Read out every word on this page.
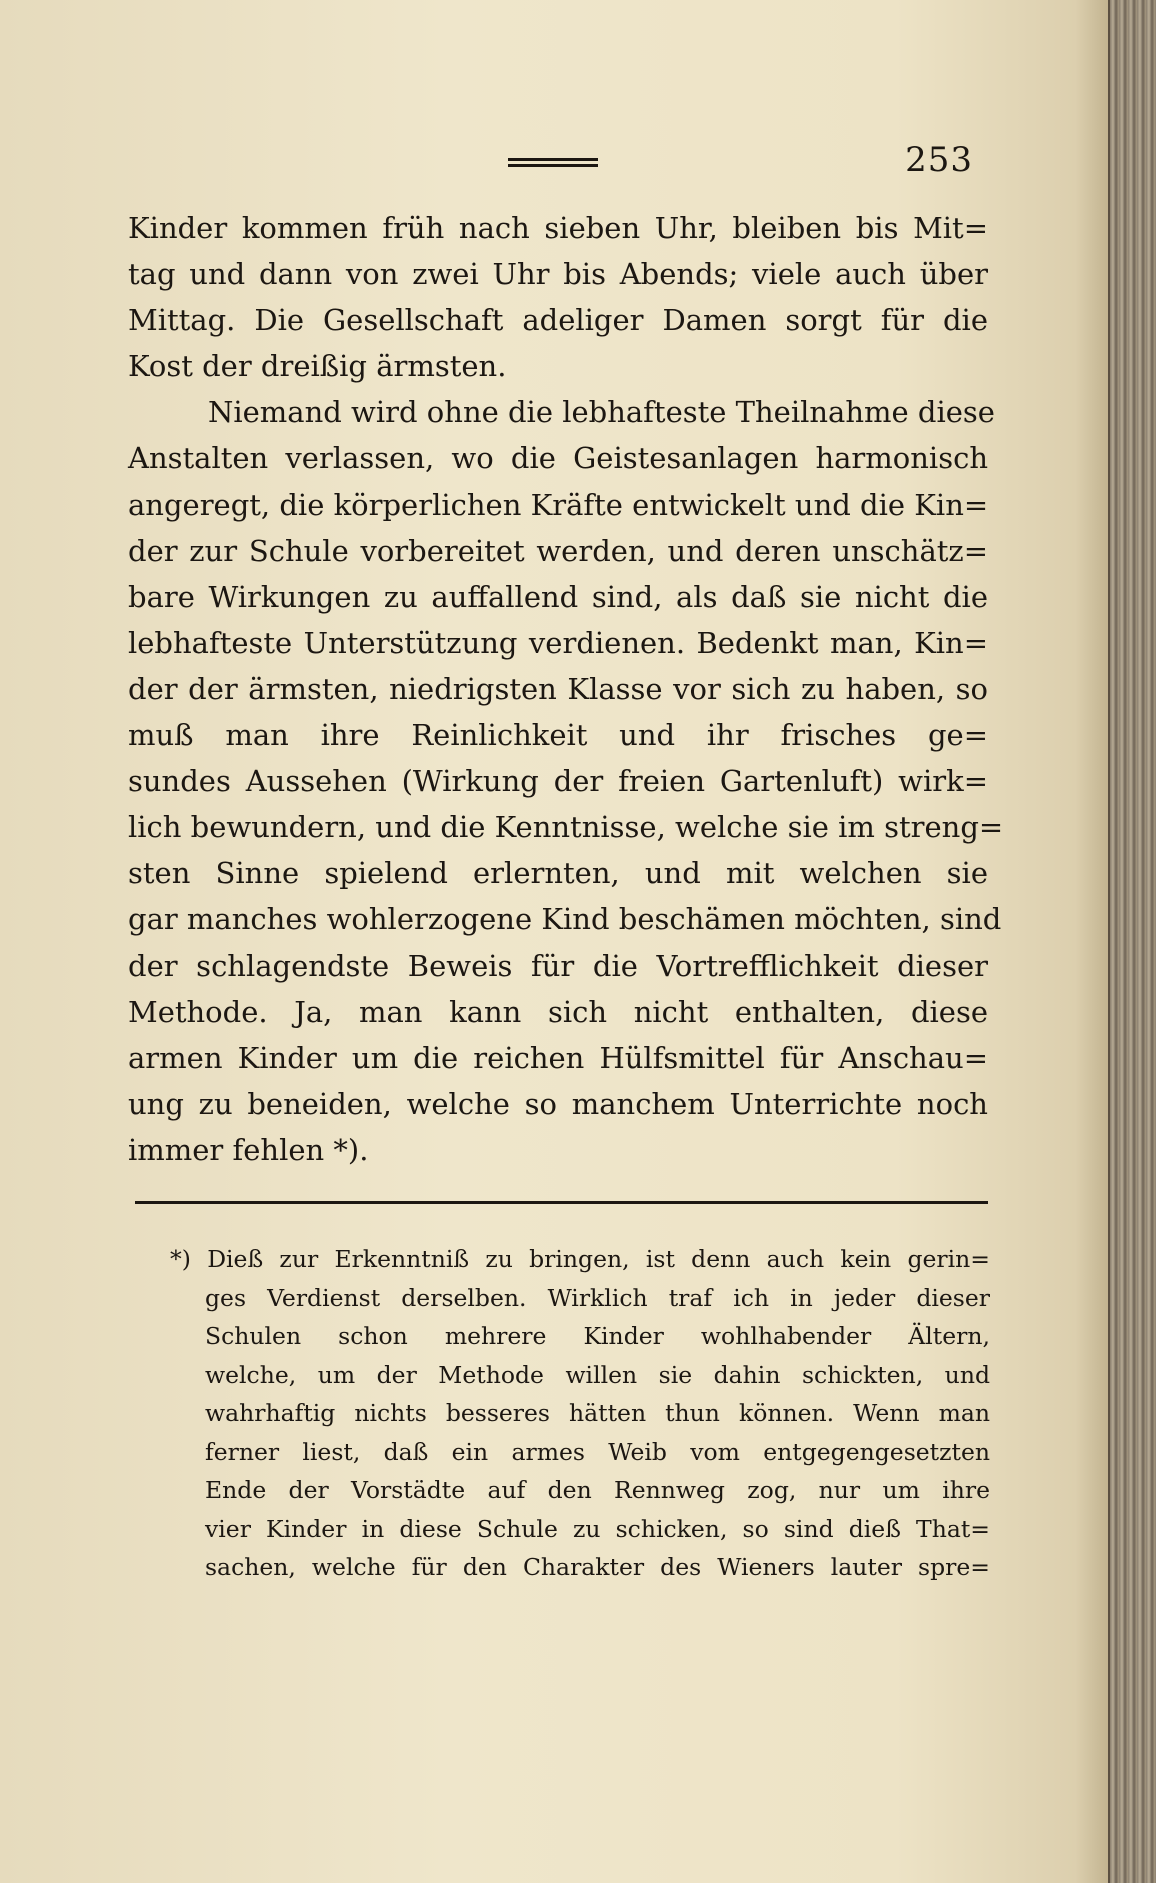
253
Kinder kommen früh nach sieben Uhr, bleiben bis Mit=
tag und dann von zwei Uhr bis Abends; viele auch über
Mittag. Die Gesellschaft adeliger Damen sorgt für die
Kost der dreißig ärmsten.
Niemand wird ohne die lebhafteste Theilnahme diese
Anstalten verlassen, wo die Geistesanlagen harmonisch
angeregt, die körperlichen Kräfte entwickelt und die Kin=
der zur Schule vorbereitet werden, und deren unschätz=
bare Wirkungen zu auffallend sind, als daß sie nicht die
lebhafteste Unterstützung verdienen. Bedenkt man, Kin=
der der ärmsten, niedrigsten Klasse vor sich zu haben, so
muß man ihre Reinlichkeit und ihr frisches ge=
sundes Aussehen (Wirkung der freien Gartenluft) wirk=
lich bewundern, und die Kenntnisse, welche sie im streng=
sten Sinne spielend erlernten, und mit welchen sie
gar manches wohlerzogene Kind beschämen möchten, sind
der schlagendste Beweis für die Vortrefflichkeit dieser
Methode. Ja, man kann sich nicht enthalten, diese
armen Kinder um die reichen Hülfsmittel für Anschau=
ung zu beneiden, welche so manchem Unterrichte noch
immer fehlen *).
*) Dieß zur Erkenntniß zu bringen, ist denn auch kein gerin=
ges Verdienst derselben. Wirklich traf ich in jeder dieser
Schulen schon mehrere Kinder wohlhabender Ältern,
welche, um der Methode willen sie dahin schickten, und
wahrhaftig nichts besseres hätten thun können. Wenn man
ferner liest, daß ein armes Weib vom entgegengesetzten
Ende der Vorstädte auf den Rennweg zog, nur um ihre
vier Kinder in diese Schule zu schicken, so sind dieß That=
sachen, welche für den Charakter des Wieners lauter spre=
